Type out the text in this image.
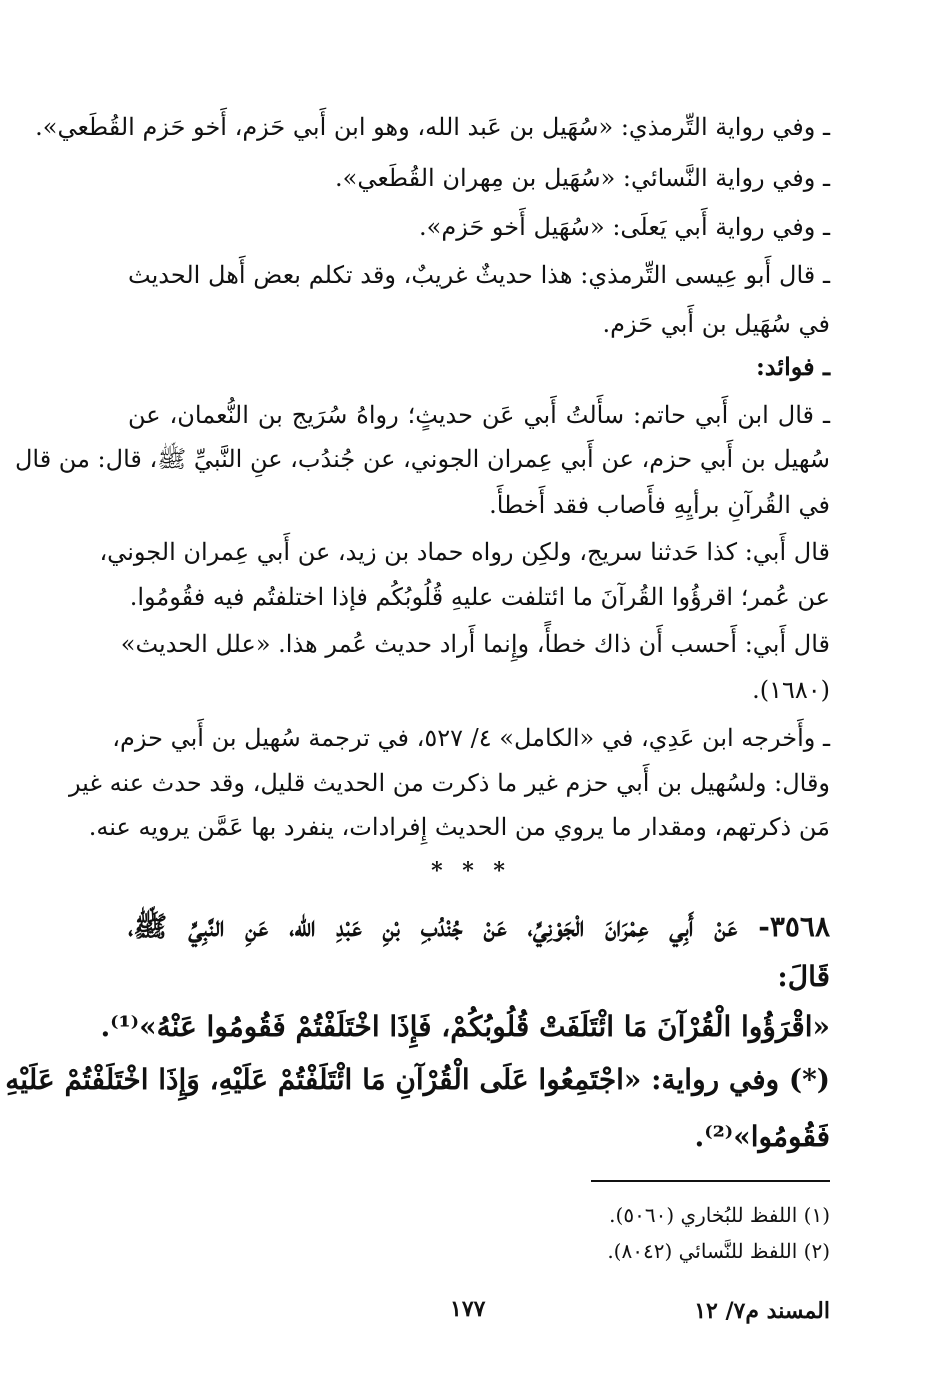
ـ وفي رواية التِّرمذي: «سُهَيل بن عَبد الله، وهو ابن أَبي حَزم، أَخو حَزم القُطَعي».
ـ وفي رواية النَّسائي: «سُهَيل بن مِهران القُطَعي».
ـ وفي رواية أَبي يَعلَى: «سُهَيل أَخو حَزم».
ـ قال أَبو عِيسى التِّرمذي: هذا حديثٌ غريبٌ، وقد تكلم بعض أَهل الحديث
في سُهَيل بن أَبي حَزم.
ـ فوائد:
ـ قال ابن أَبي حاتم: سأَلتُ أَبي عَن حديثٍ؛ رواهُ سُرَيج بن النُّعمان، عن
سُهيل بن أَبي حزم، عن أَبي عِمران الجوني، عن جُندُب، عنِ النَّبيِّ ﷺ، قال: من قال
في القُرآنِ برأيِهِ فأَصاب فقد أَخطأَ.
قال أَبي: كذا حَدثنا سريج، ولكِن رواه حماد بن زيد، عن أَبي عِمران الجوني،
عن عُمر؛ اقرؤُوا القُرآنَ ما ائتلفت عليهِ قُلُوبُكُم فإذا اختلفتُم فيه فقُومُوا.
قال أَبي: أَحسب أَن ذاك خطأً، وإِنما أَراد حديث عُمر هذا. «علل الحديث»
(١٦٨٠).
ـ وأَخرجه ابن عَدِي، في «الكامل» ٤/ ٥٢٧، في ترجمة سُهيل بن أَبي حزم،
وقال: ولسُهيل بن أَبي حزم غير ما ذكرت من الحديث قليل، وقد حدث عنه غير
مَن ذكرتهم، ومقدار ما يروي من الحديث إِفرادات، ينفرد بها عَمَّن يرويه عنه.
* * *
٣٥٦٨- عَنْ أَبِي عِمْرَانَ الْجَوْنِيِّ، عَنْ جُنْدُبِ بْنِ عَبْدِ الله، عَنِ النَّبِيِّ ﷺ،
قَالَ:
«اقْرَؤُوا الْقُرْآنَ مَا ائْتَلَفَتْ قُلُوبُكُمْ، فَإِذَا اخْتَلَفْتُمْ فَقُومُوا عَنْهُ»⁽¹⁾.
(*) وفي رواية: «اجْتَمِعُوا عَلَى الْقُرْآنِ مَا ائْتَلَفْتُمْ عَلَيْهِ، وَإِذَا اخْتَلَفْتُمْ عَلَيْهِ
فَقُومُوا»⁽²⁾.
(١) اللفظ للبُخاري (٥٠٦٠).
(٢) اللفظ للنَّسائي (٨٠٤٢).
١٧٧	المسند م٧/ ١٢
